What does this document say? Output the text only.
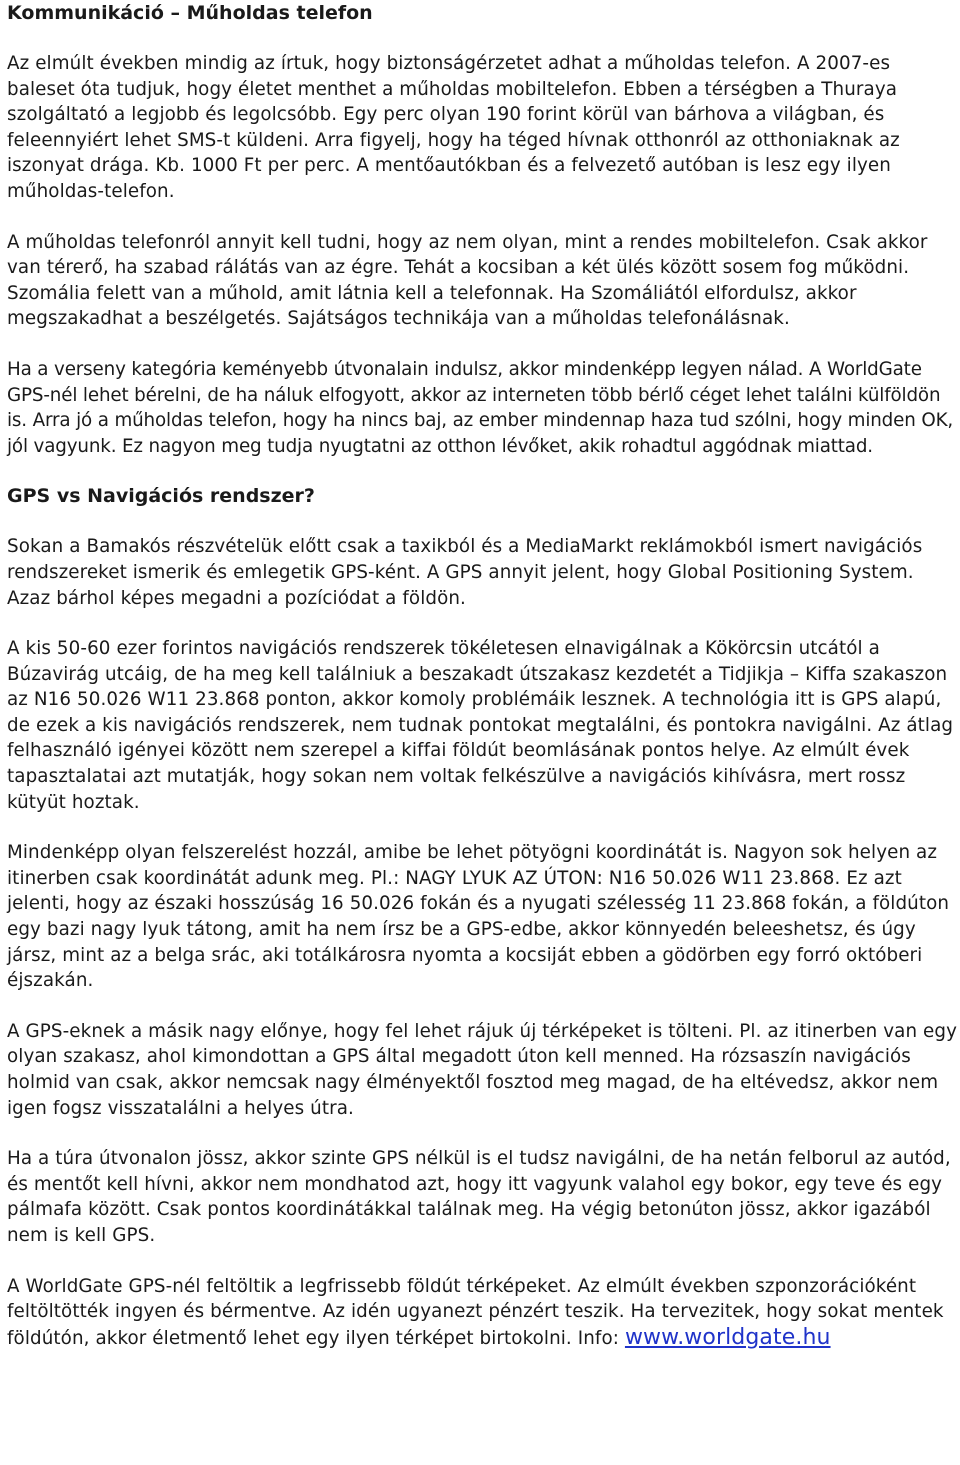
Kommunikáció – Műholdas telefon

Az elmúlt években mindig az írtuk, hogy biztonságérzetet adhat a műholdas telefon. A 2007-es baleset óta tudjuk, hogy életet menthet a műholdas mobiltelefon. Ebben a térségben a Thuraya szolgáltató a legjobb és legolcsóbb. Egy perc olyan 190 forint körül van bárhova a világban, és feleennyiért lehet SMS-t küldeni. Arra figyelj, hogy ha téged hívnak otthonról az otthoniaknak az iszonyat drága. Kb. 1000 Ft per perc. A mentőautókban és a felvezető autóban is lesz egy ilyen műholdas-telefon.

A műholdas telefonról annyit kell tudni, hogy az nem olyan, mint a rendes mobiltelefon. Csak akkor van térerő, ha szabad rálátás van az égre. Tehát a kocsiban a két ülés között sosem fog működni. Szomália felett van a műhold, amit látnia kell a telefonnak. Ha Szomáliától elfordulsz, akkor megszakadhat a beszélgetés. Sajátságos technikája van a műholdas telefonálásnak.

Ha a verseny kategória keményebb útvonalain indulsz, akkor mindenképp legyen nálad. A WorldGate GPS-nél lehet bérelni, de ha náluk elfogyott, akkor az interneten több bérlő céget lehet találni külföldön is. Arra jó a műholdas telefon, hogy ha nincs baj, az ember mindennap haza tud szólni, hogy minden OK, jól vagyunk. Ez nagyon meg tudja nyugtatni az otthon lévőket, akik rohadtul aggódnak miattad.

GPS vs Navigációs rendszer?

Sokan a Bamakós részvételük előtt csak a taxikból és a MediaMarkt reklámokból ismert navigációs rendszereket ismerik és emlegetik GPS-ként. A GPS annyit jelent, hogy Global Positioning System. Azaz bárhol képes megadni a pozíciódat a földön.

A kis 50-60 ezer forintos navigációs rendszerek tökéletesen elnavigálnak a Kökörcsin utcától a Búzavirág utcáig, de ha meg kell találniuk a beszakadt útszakasz kezdetét a Tidjikja – Kiffa szakaszon az N16 50.026 W11 23.868 ponton, akkor komoly problémáik lesznek. A technológia itt is GPS alapú, de ezek a kis navigációs rendszerek, nem tudnak pontokat megtalálni, és pontokra navigálni. Az átlag felhasználó igényei között nem szerepel a kiffai földút beomlásának pontos helye. Az elmúlt évek tapasztalatai azt mutatják, hogy sokan nem voltak felkészülve a navigációs kihívásra, mert rossz kütyüt hoztak.

Mindenképp olyan felszerelést hozzál, amibe be lehet pötyögni koordinátát is. Nagyon sok helyen az itinerben csak koordinátát adunk meg. Pl.: NAGY LYUK AZ ÚTON: N16 50.026 W11 23.868. Ez azt jelenti, hogy az északi hosszúság 16 50.026 fokán és a nyugati szélesség 11 23.868 fokán, a földúton egy bazi nagy lyuk tátong, amit ha nem írsz be a GPS-edbe, akkor könnyedén beleeshetsz, és úgy jársz, mint az a belga srác, aki totálkárosra nyomta a kocsiját ebben a gödörben egy forró októberi éjszakán.

A GPS-eknek a másik nagy előnye, hogy fel lehet rájuk új térképeket is tölteni. Pl. az itinerben van egy olyan szakasz, ahol kimondottan a GPS által megadott úton kell menned. Ha rózsaszín navigációs holmid van csak, akkor nemcsak nagy élményektől fosztod meg magad, de ha eltévedsz, akkor nem igen fogsz visszatalálni a helyes útra.

Ha a túra útvonalon jössz, akkor szinte GPS nélkül is el tudsz navigálni, de ha netán felborul az autód, és mentőt kell hívni, akkor nem mondhatod azt, hogy itt vagyunk valahol egy bokor, egy teve és egy pálmafa között. Csak pontos koordinátákkal találnak meg. Ha végig betonúton jössz, akkor igazából nem is kell GPS.

A WorldGate GPS-nél feltöltik a legfrissebb földút térképeket. Az elmúlt években szponzorációként feltöltötték ingyen és bérmentve. Az idén ugyanezt pénzért teszik. Ha tervezitek, hogy sokat mentek földútón, akkor életmentő lehet egy ilyen térképet birtokolni. Info: www.worldgate.hu
